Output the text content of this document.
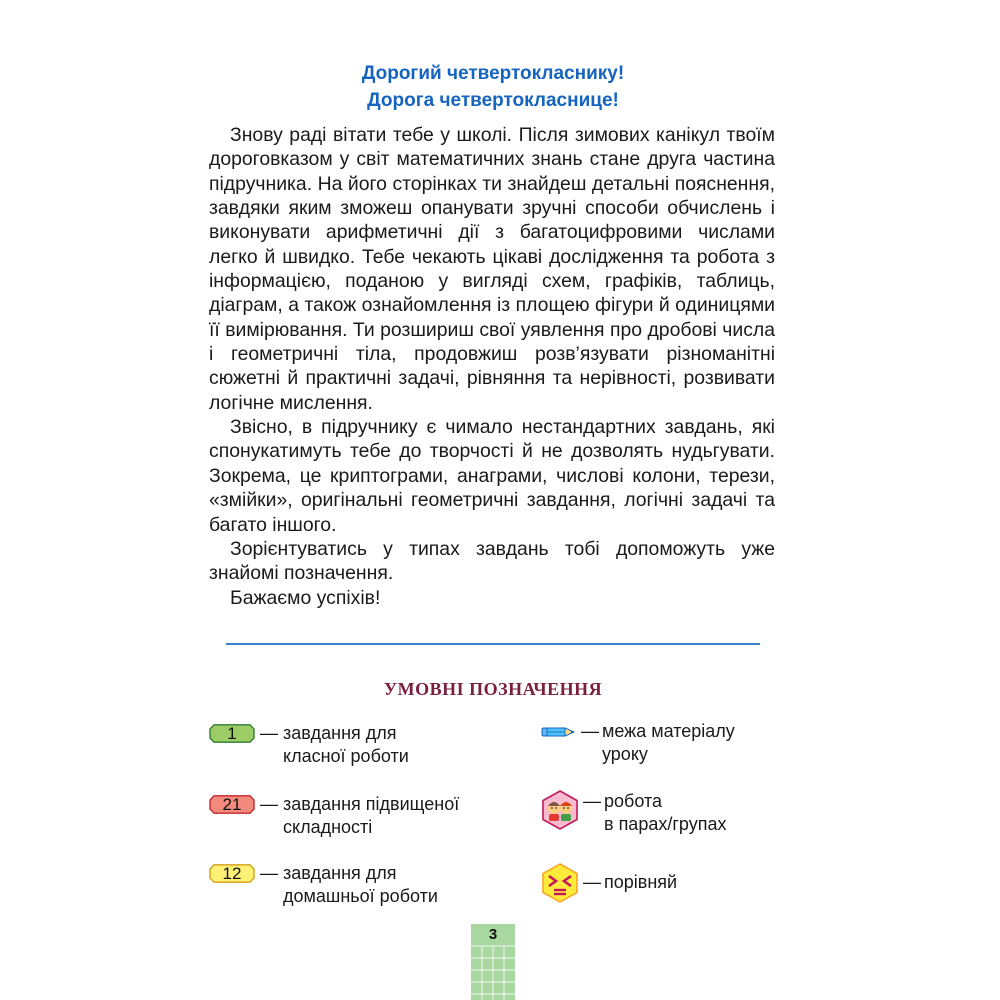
Дорогий четвертокласнику!
Дорога четвертокласнице!

Знову раді вітати тебе у школі. Після зимових канікул твоїм дороговказом у світ математичних знань стане друга частина підручника. На його сторінках ти знайдеш детальні пояснення, завдяки яким зможеш опанувати зручні способи обчислень і виконувати арифметичні дії з багатоцифровими числами легко й швидко. Тебе чекають цікаві дослідження та робота з інформацією, поданою у вигляді схем, графіків, таблиць, діаграм, а також ознайомлення із площею фігури й одиницями її вимірювання. Ти розшириш свої уявлення про дробові числа і геометричні тіла, продовжиш розв’язувати різноманітні сюжетні й практичні задачі, рівняння та нерівності, розвивати логічне мислення.

Звісно, в підручнику є чимало нестандартних завдань, які спонукатимуть тебе до творчості й не дозволять нудьгувати. Зокрема, це криптограми, анаграми, числові колони, терези, «змійки», оригінальні геометричні завдання, логічні задачі та багато іншого.

Зорієнтуватись у типах завдань тобі допоможуть уже знайомі позначення.

Бажаємо успіхів!

УМОВНІ ПОЗНАЧЕННЯ
1	— завдання для
класної роботи
21	— завдання підвищеної
складності
12	— завдання для
домашньої роботи
— межа матеріалу
уроку
— робота
в парах/групах
— порівняй
3
